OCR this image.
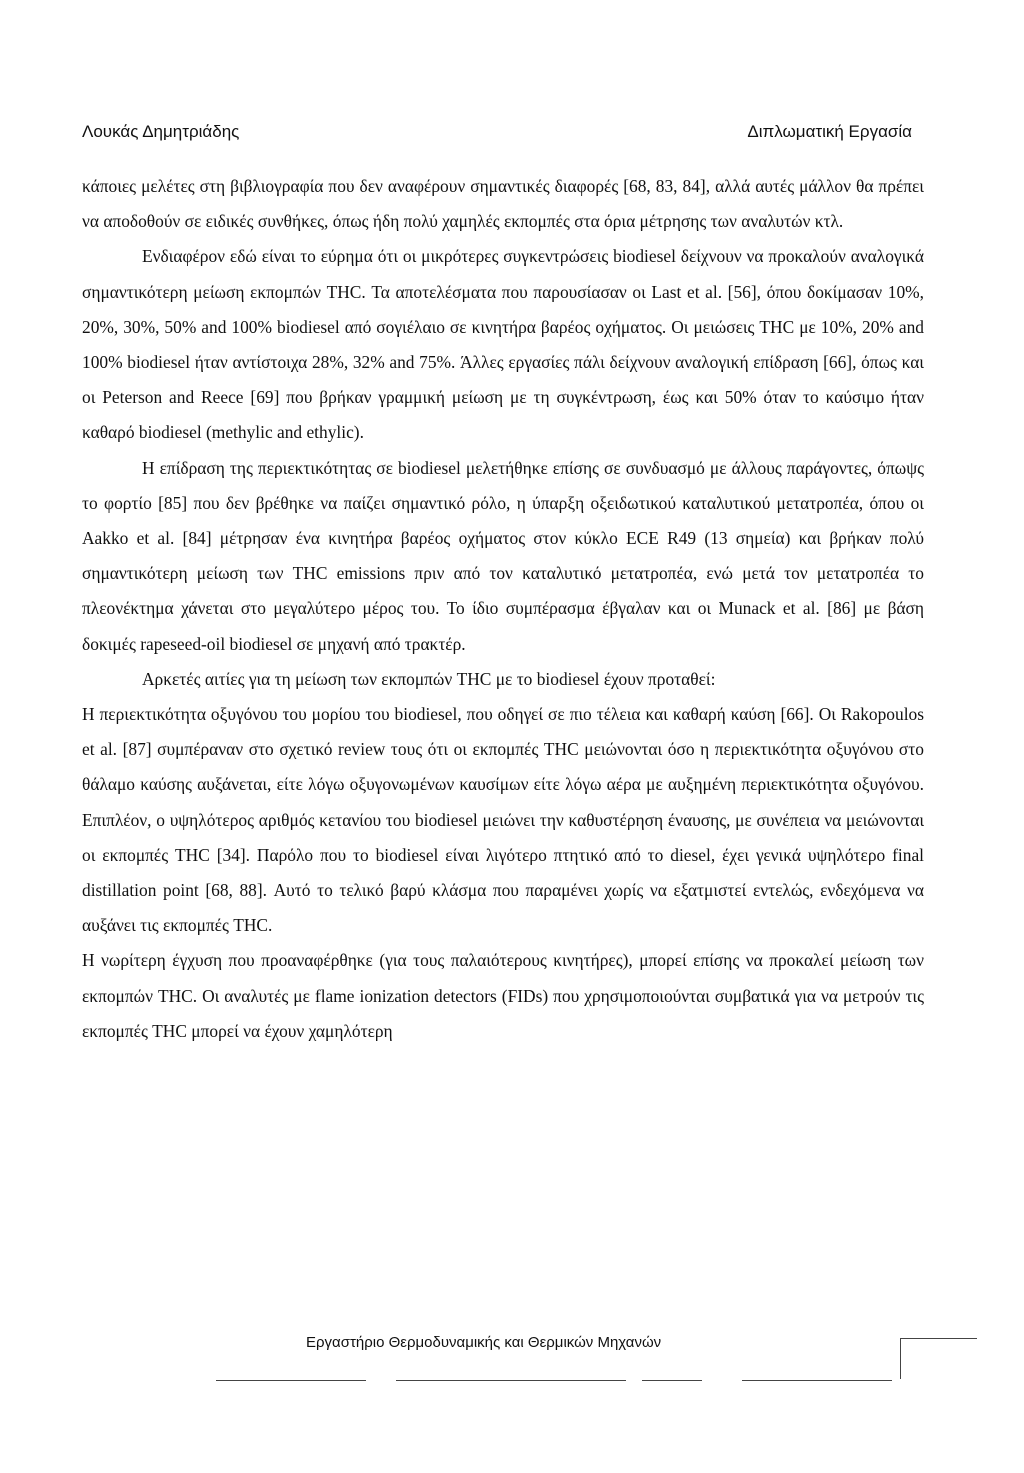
Λουκάς Δημητριάδης	Διπλωματική Εργασία

κάποιες μελέτες στη βιβλιογραφία που δεν αναφέρουν σημαντικές διαφορές [68, 83, 84], αλλά αυτές μάλλον θα πρέπει να αποδοθούν σε ειδικές συνθήκες, όπως ήδη πολύ χαμηλές εκπομπές στα όρια μέτρησης των αναλυτών κτλ.

Ενδιαφέρον εδώ είναι το εύρημα ότι οι μικρότερες συγκεντρώσεις biodiesel δείχνουν να προκαλούν αναλογικά σημαντικότερη μείωση εκπομπών THC. Τα αποτελέσματα που παρουσίασαν οι Last et al. [56], όπου δοκίμασαν 10%, 20%, 30%, 50% and 100% biodiesel από σογιέλαιο σε κινητήρα βαρέος οχήματος. Οι μειώσεις THC με 10%, 20% and 100% biodiesel ήταν αντίστοιχα 28%, 32% and 75%. Άλλες εργασίες πάλι δείχνουν αναλογική επίδραση [66], όπως και οι Peterson and Reece [69] που βρήκαν γραμμική μείωση με τη συγκέντρωση, έως και 50% όταν το καύσιμο ήταν καθαρό biodiesel (methylic and ethylic).

Η επίδραση της περιεκτικότητας σε biodiesel μελετήθηκε επίσης σε συνδυασμό με άλλους παράγοντες, όπωψς το φορτίο [85] που δεν βρέθηκε να παίζει σημαντικό ρόλο, η ύπαρξη οξειδωτικού καταλυτικού μετατροπέα, όπου οι Aakko et al. [84] μέτρησαν ένα κινητήρα βαρέος οχήματος στον κύκλο ECE R49 (13 σημεία) και βρήκαν πολύ σημαντικότερη μείωση των THC emissions πριν από τον καταλυτικό μετατροπέα, ενώ μετά τον μετατροπέα το πλεονέκτημα χάνεται στο μεγαλύτερο μέρος του. Το ίδιο συμπέρασμα έβγαλαν και οι Munack et al. [86] με βάση δοκιμές rapeseed-oil biodiesel σε μηχανή από τρακτέρ.

Αρκετές αιτίες για τη μείωση των εκπομπών THC με το biodiesel έχουν προταθεί:

Η περιεκτικότητα οξυγόνου του μορίου του biodiesel, που οδηγεί σε πιο τέλεια και καθαρή καύση [66]. Οι Rakopoulos et al. [87] συμπέραναν στο σχετικό review τους ότι οι εκπομπές THC μειώνονται όσο η περιεκτικότητα οξυγόνου στο θάλαμο καύσης αυξάνεται, είτε λόγω οξυγονωμένων καυσίμων είτε λόγω αέρα με αυξημένη περιεκτικότητα οξυγόνου. Επιπλέον, ο υψηλότερος αριθμός κετανίου του biodiesel μειώνει την καθυστέρηση έναυσης, με συνέπεια να μειώνονται οι εκπομπές THC [34]. Παρόλο που το biodiesel είναι λιγότερο πτητικό από το diesel, έχει γενικά υψηλότερο final distillation point [68, 88]. Αυτό το τελικό βαρύ κλάσμα που παραμένει χωρίς να εξατμιστεί εντελώς, ενδεχόμενα να αυξάνει τις εκπομπές THC.

Η νωρίτερη έγχυση που προαναφέρθηκε (για τους παλαιότερους κινητήρες), μπορεί επίσης να προκαλεί μείωση των εκπομπών THC. Οι αναλυτές με flame ionization detectors (FIDs) που χρησιμοποιούνται συμβατικά για να μετρούν τις εκπομπές THC μπορεί να έχουν χαμηλότερη

Εργαστήριο Θερμοδυναμικής και Θερμικών Μηχανών
